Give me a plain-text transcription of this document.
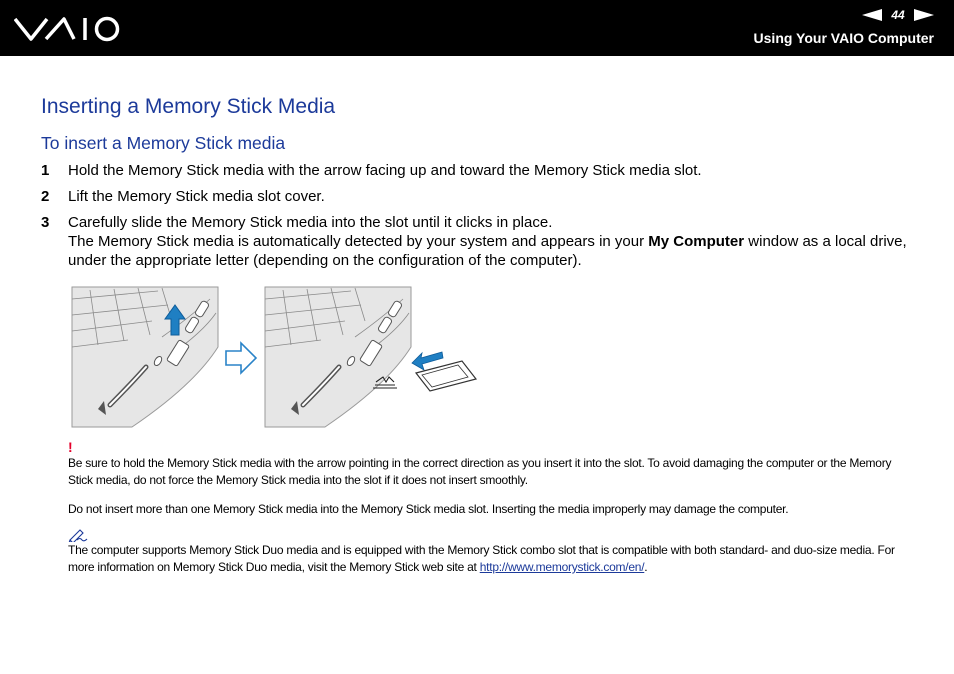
44
Using Your VAIO Computer
Inserting a Memory Stick Media
To insert a Memory Stick media
1 Hold the Memory Stick media with the arrow facing up and toward the Memory Stick media slot.
2 Lift the Memory Stick media slot cover.
3 Carefully slide the Memory Stick media into the slot until it clicks in place.
The Memory Stick media is automatically detected by your system and appears in your My Computer window as a local drive, under the appropriate letter (depending on the configuration of the computer).
!

Be sure to hold the Memory Stick media with the arrow pointing in the correct direction as you insert it into the slot. To avoid damaging the computer or the Memory Stick media, do not force the Memory Stick media into the slot if it does not insert smoothly.

Do not insert more than one Memory Stick media into the Memory Stick media slot. Inserting the media improperly may damage the computer.

The computer supports Memory Stick Duo media and is equipped with the Memory Stick combo slot that is compatible with both standard- and duo-size media. For more information on Memory Stick Duo media, visit the Memory Stick web site at http://www.memorystick.com/en/.
